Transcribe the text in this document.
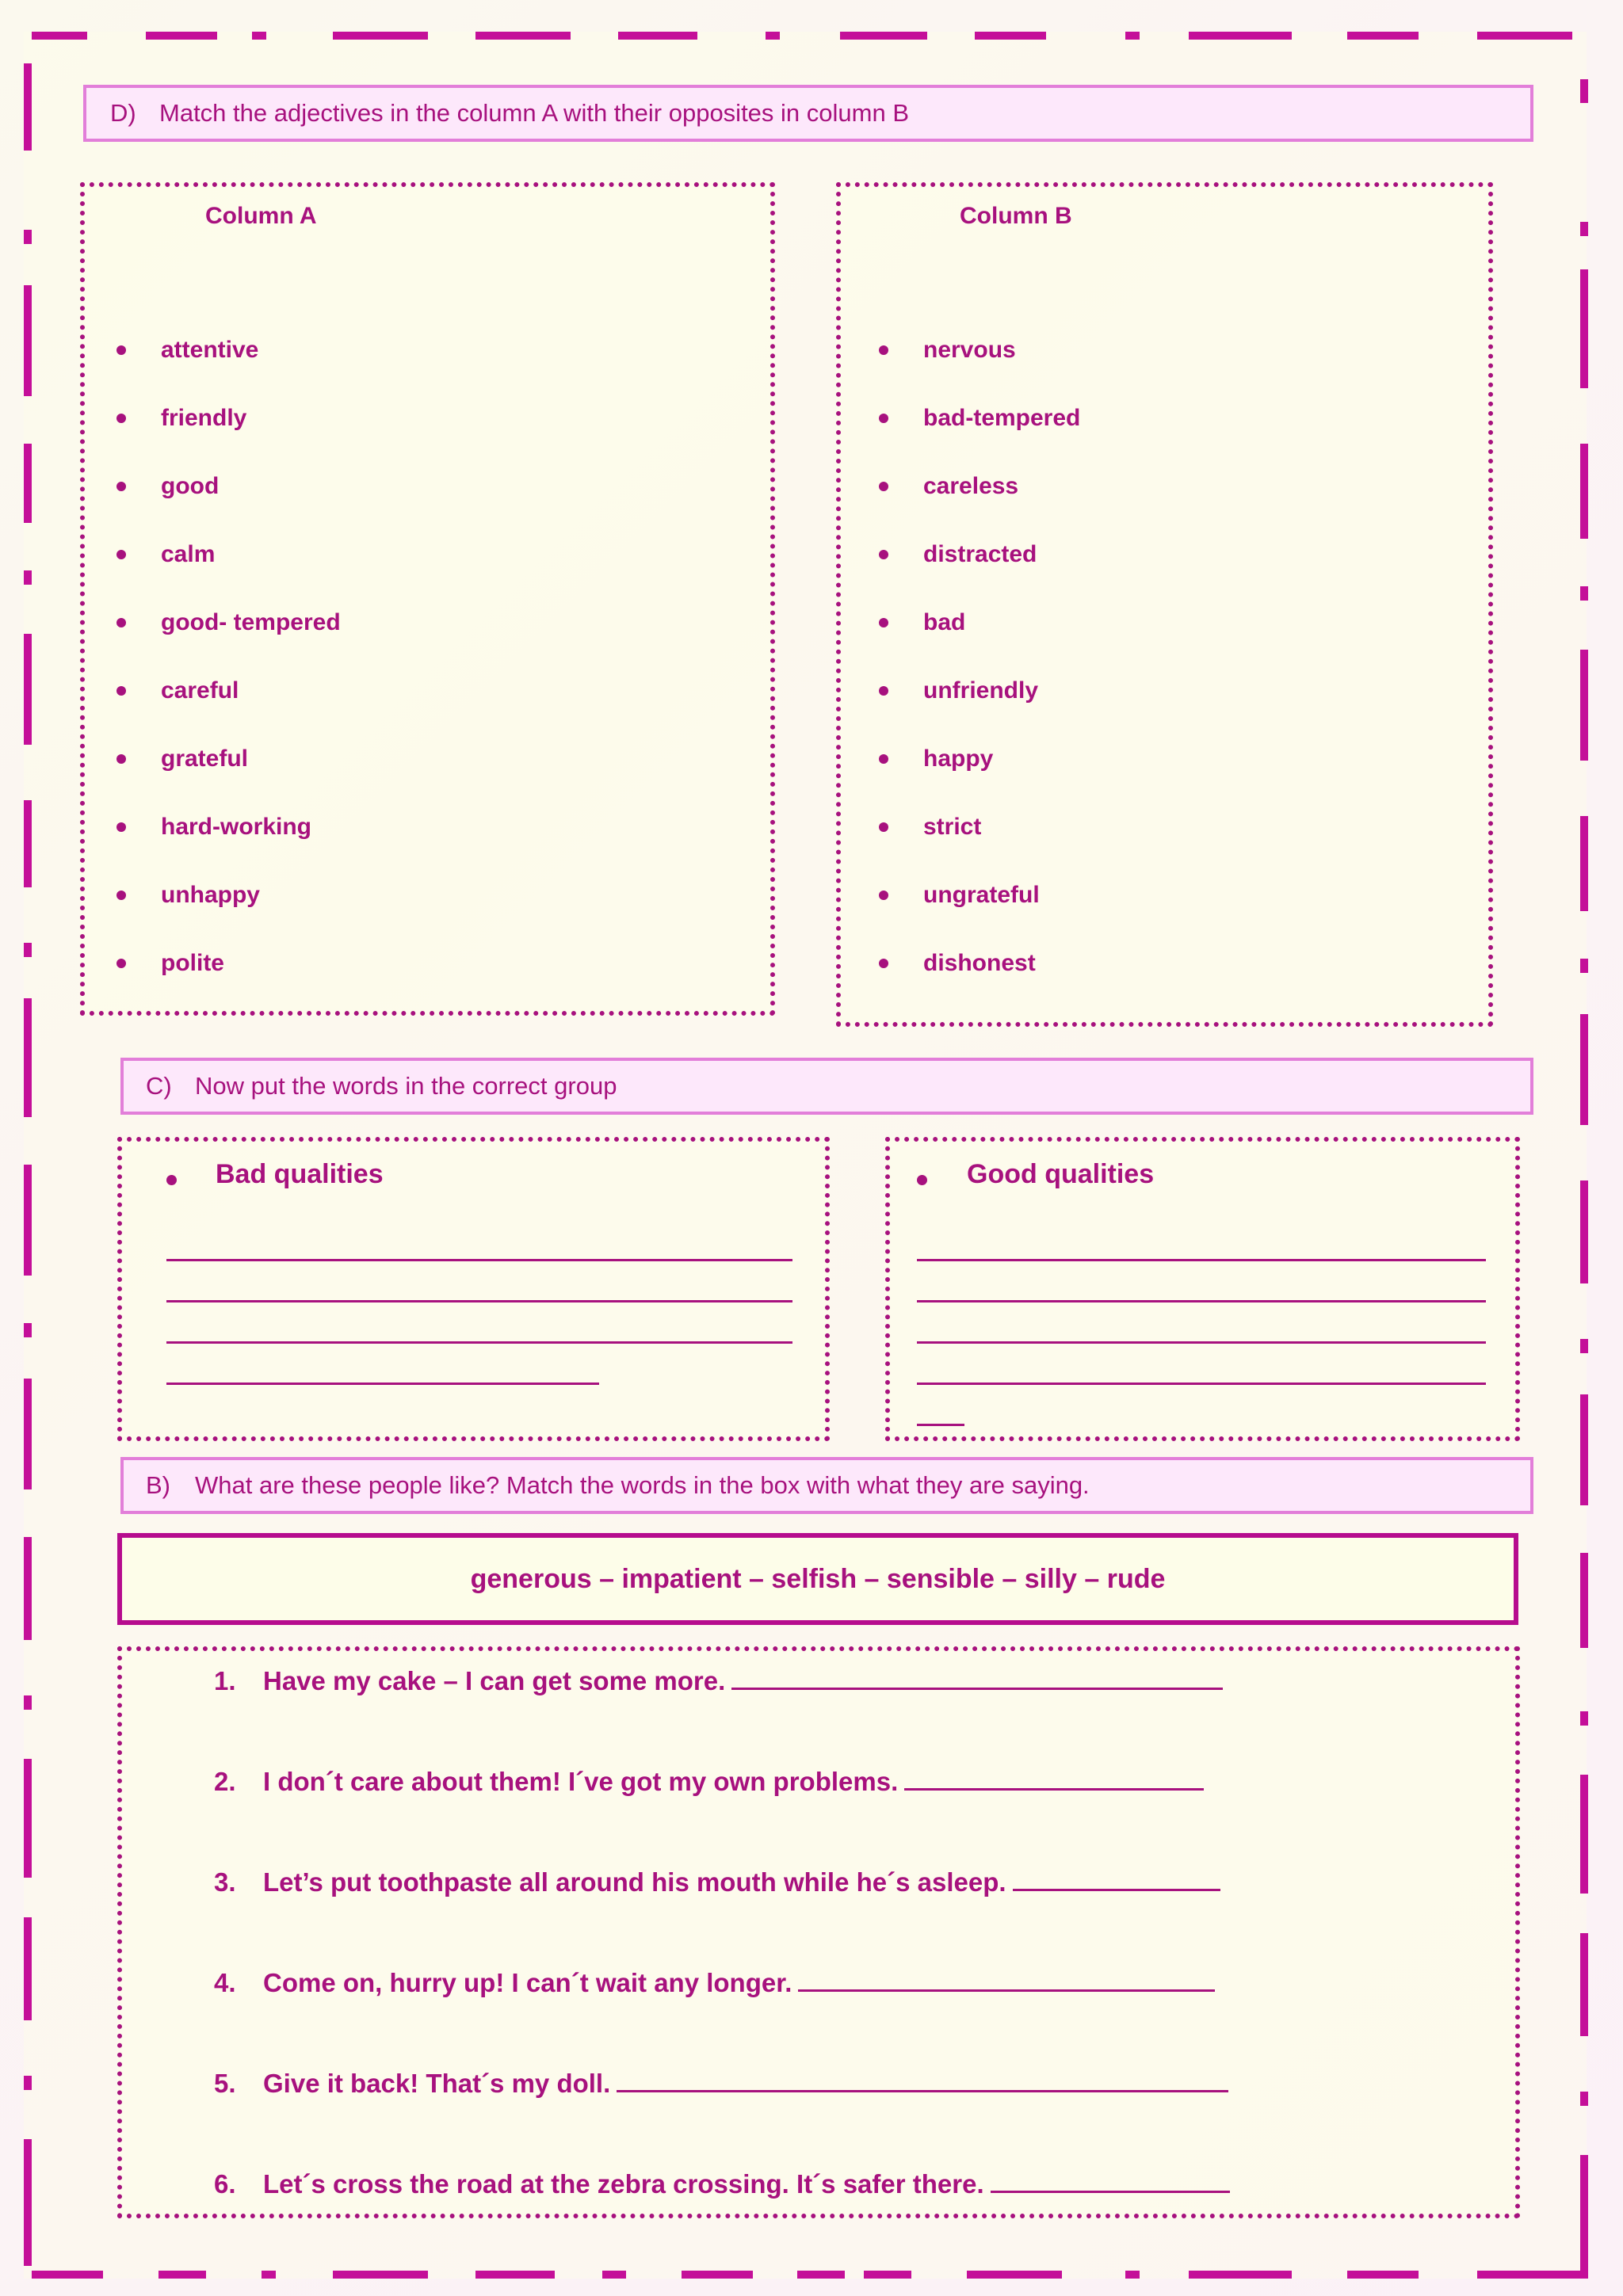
D) Match the adjectives in the column A with their opposites in column B
Column A
attentive
friendly
good
calm
good- tempered
careful
grateful
hard-working
unhappy
polite
Column B
nervous
bad-tempered
careless
distracted
bad
unfriendly
happy
strict
ungrateful
dishonest
C) Now put the words in the correct group
Bad qualities	Good qualities
B)	What are these people like? Match the words in the box with what they are saying.
generous – impatient – selfish – sensible – silly – rude
1. Have my cake – I can get some more.
2. I don´t care about them! I´ve got my own problems.
3. Let’s put toothpaste all around his mouth while he´s asleep.
4. Come on, hurry up! I can´t wait any longer.
5. Give it back! That´s my doll.
6. Let´s cross the road at the zebra crossing. It´s safer there.
